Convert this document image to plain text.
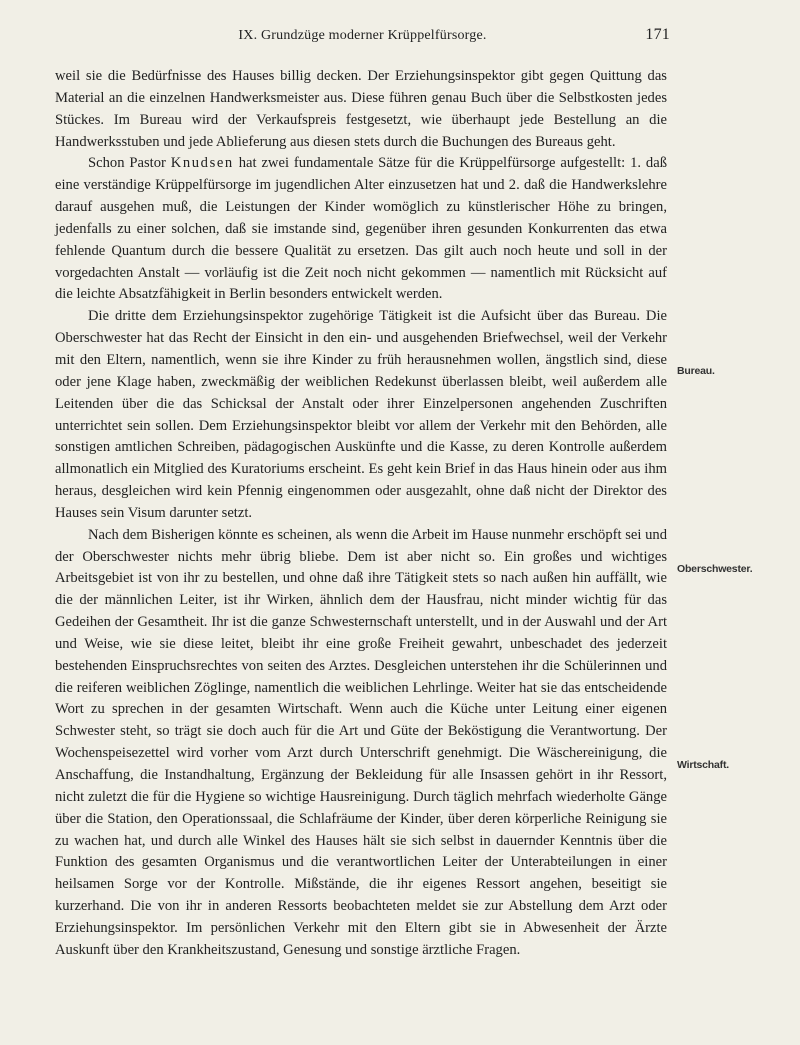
IX. Grundzüge moderner Krüppelfürsorge.	171

weil sie die Bedürfnisse des Hauses billig decken. Der Erziehungsinspektor gibt gegen Quittung das Material an die einzelnen Handwerksmeister aus. Diese führen genau Buch über die Selbstkosten jedes Stückes. Im Bureau wird der Verkaufspreis festgesetzt, wie überhaupt jede Bestellung an die Handwerksstuben und jede Ablieferung aus diesen stets durch die Buchungen des Bureaus geht.

Schon Pastor Knudsen hat zwei fundamentale Sätze für die Krüppelfürsorge aufgestellt: 1. daß eine verständige Krüppelfürsorge im jugendlichen Alter einzusetzen hat und 2. daß die Handwerkslehre darauf ausgehen muß, die Leistungen der Kinder womöglich zu künstlerischer Höhe zu bringen, jedenfalls zu einer solchen, daß sie imstande sind, gegenüber ihren gesunden Konkurrenten das etwa fehlende Quantum durch die bessere Qualität zu ersetzen. Das gilt auch noch heute und soll in der vorgedachten Anstalt — vorläufig ist die Zeit noch nicht gekommen — namentlich mit Rücksicht auf die leichte Absatzfähigkeit in Berlin besonders entwickelt werden.

Die dritte dem Erziehungsinspektor zugehörige Tätigkeit ist die Aufsicht über das Bureau. Die Oberschwester hat das Recht der Einsicht in den ein- und ausgehenden Briefwechsel, weil der Verkehr mit den Eltern, namentlich, wenn sie ihre Kinder zu früh herausnehmen wollen, ängstlich sind, diese oder jene Klage haben, zweckmäßig der weiblichen Redekunst überlassen bleibt, weil außerdem alle Leitenden über die das Schicksal der Anstalt oder ihrer Einzelpersonen angehenden Zuschriften unterrichtet sein sollen. Dem Erziehungsinspektor bleibt vor allem der Verkehr mit den Behörden, alle sonstigen amtlichen Schreiben, pädagogischen Auskünfte und die Kasse, zu deren Kontrolle außerdem allmonatlich ein Mitglied des Kuratoriums erscheint. Es geht kein Brief in das Haus hinein oder aus ihm heraus, desgleichen wird kein Pfennig eingenommen oder ausgezahlt, ohne daß nicht der Direktor des Hauses sein Visum darunter setzt.

Nach dem Bisherigen könnte es scheinen, als wenn die Arbeit im Hause nunmehr erschöpft sei und der Oberschwester nichts mehr übrig bliebe. Dem ist aber nicht so. Ein großes und wichtiges Arbeitsgebiet ist von ihr zu bestellen, und ohne daß ihre Tätigkeit stets so nach außen hin auffällt, wie die der männlichen Leiter, ist ihr Wirken, ähnlich dem der Hausfrau, nicht minder wichtig für das Gedeihen der Gesamtheit. Ihr ist die ganze Schwesternschaft unterstellt, und in der Auswahl und der Art und Weise, wie sie diese leitet, bleibt ihr eine große Freiheit gewahrt, unbeschadet des jederzeit bestehenden Einspruchsrechtes von seiten des Arztes. Desgleichen unterstehen ihr die Schülerinnen und die reiferen weiblichen Zöglinge, namentlich die weiblichen Lehrlinge. Weiter hat sie das entscheidende Wort zu sprechen in der gesamten Wirtschaft. Wenn auch die Küche unter Leitung einer eigenen Schwester steht, so trägt sie doch auch für die Art und Güte der Beköstigung die Verantwortung. Der Wochenspeisezettel wird vorher vom Arzt durch Unterschrift genehmigt. Die Wäschereinigung, die Anschaffung, die Instandhaltung, Ergänzung der Bekleidung für alle Insassen gehört in ihr Ressort, nicht zuletzt die für die Hygiene so wichtige Hausreinigung. Durch täglich mehrfach wiederholte Gänge über die Station, den Operationssaal, die Schlafräume der Kinder, über deren körperliche Reinigung sie zu wachen hat, und durch alle Winkel des Hauses hält sie sich selbst in dauernder Kenntnis über die Funktion des gesamten Organismus und die verantwortlichen Leiter der Unterabteilungen in einer heilsamen Sorge vor der Kontrolle. Mißstände, die ihr eigenes Ressort angehen, beseitigt sie kurzerhand. Die von ihr in anderen Ressorts beobachteten meldet sie zur Abstellung dem Arzt oder Erziehungsinspektor. Im persönlichen Verkehr mit den Eltern gibt sie in Abwesenheit der Ärzte Auskunft über den Krankheitszustand, Genesung und sonstige ärztliche Fragen.

Bureau.
Oberschwester.
Wirtschaft.
